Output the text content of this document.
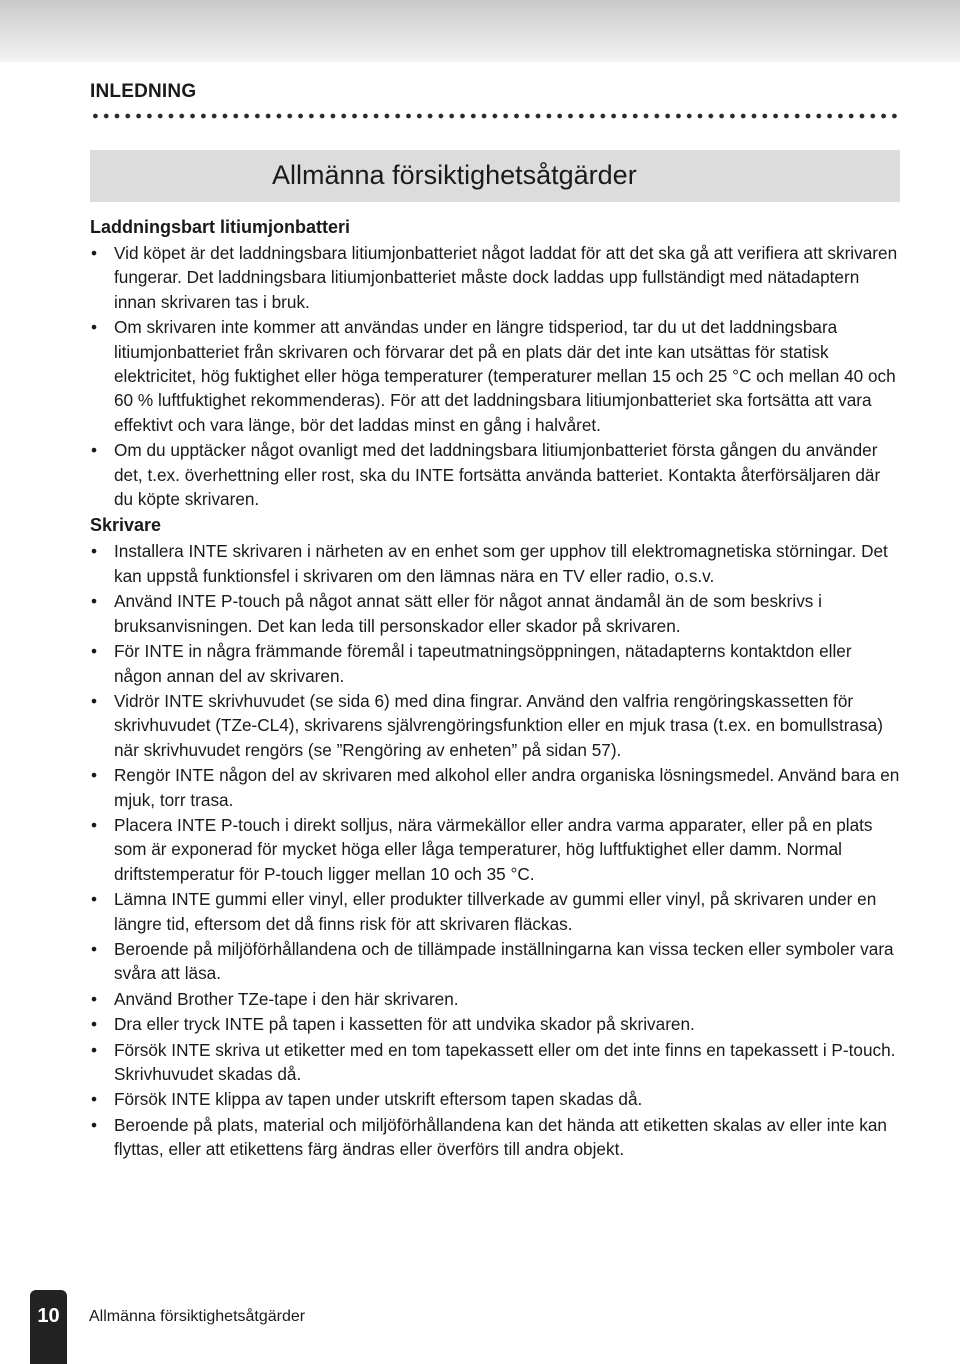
INLEDNING
Allmänna försiktighetsåtgärder
Laddningsbart litiumjonbatteri
• Vid köpet är det laddningsbara litiumjonbatteriet något laddat för att det ska gå att verifiera att skrivaren fungerar. Det laddningsbara litiumjonbatteriet måste dock laddas upp fullständigt med nätadaptern innan skrivaren tas i bruk.
• Om skrivaren inte kommer att användas under en längre tidsperiod, tar du ut det laddningsbara litiumjonbatteriet från skrivaren och förvarar det på en plats där det inte kan utsättas för statisk elektricitet, hög fuktighet eller höga temperaturer (temperaturer mellan 15 och 25 °C och mellan 40 och 60 % luftfuktighet rekommenderas). För att det laddningsbara litiumjonbatteriet ska fortsätta att vara effektivt och vara länge, bör det laddas minst en gång i halvåret.
• Om du upptäcker något ovanligt med det laddningsbara litiumjonbatteriet första gången du använder det, t.ex. överhettning eller rost, ska du INTE fortsätta använda batteriet. Kontakta återförsäljaren där du köpte skrivaren.
Skrivare
• Installera INTE skrivaren i närheten av en enhet som ger upphov till elektromagnetiska störningar. Det kan uppstå funktionsfel i skrivaren om den lämnas nära en TV eller radio, o.s.v.
• Använd INTE P-touch på något annat sätt eller för något annat ändamål än de som beskrivs i bruksanvisningen. Det kan leda till personskador eller skador på skrivaren.
• För INTE in några främmande föremål i tapeutmatningsöppningen, nätadapterns kontaktdon eller någon annan del av skrivaren.
• Vidrör INTE skrivhuvudet (se sida 6) med dina fingrar. Använd den valfria rengöringskassetten för skrivhuvudet (TZe-CL4), skrivarens självrengöringsfunktion eller en mjuk trasa (t.ex. en bomullstrasa) när skrivhuvudet rengörs (se ”Rengöring av enheten” på sidan 57).
• Rengör INTE någon del av skrivaren med alkohol eller andra organiska lösningsmedel. Använd bara en mjuk, torr trasa.
• Placera INTE P-touch i direkt solljus, nära värmekällor eller andra varma apparater, eller på en plats som är exponerad för mycket höga eller låga temperaturer, hög luftfuktighet eller damm. Normal driftstemperatur för P-touch ligger mellan 10 och 35 °C.
• Lämna INTE gummi eller vinyl, eller produkter tillverkade av gummi eller vinyl, på skrivaren under en längre tid, eftersom det då finns risk för att skrivaren fläckas.
• Beroende på miljöförhållandena och de tillämpade inställningarna kan vissa tecken eller symboler vara svåra att läsa.
• Använd Brother TZe-tape i den här skrivaren.
• Dra eller tryck INTE på tapen i kassetten för att undvika skador på skrivaren.
• Försök INTE skriva ut etiketter med en tom tapekassett eller om det inte finns en tapekassett i P-touch. Skrivhuvudet skadas då.
• Försök INTE klippa av tapen under utskrift eftersom tapen skadas då.
• Beroende på plats, material och miljöförhållandena kan det hända att etiketten skalas av eller inte kan flyttas, eller att etikettens färg ändras eller överförs till andra objekt.
10	Allmänna försiktighetsåtgärder
